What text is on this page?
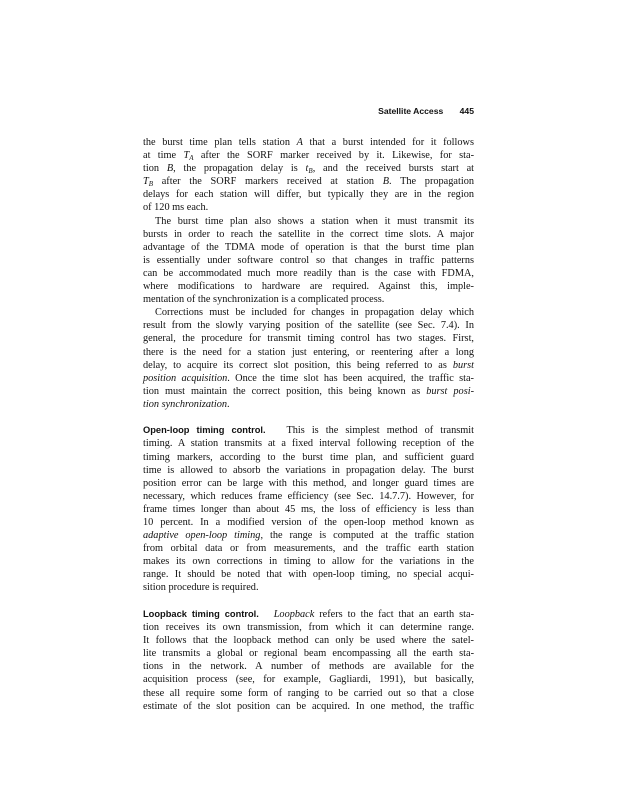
Satellite Access 445
the burst time plan tells station A that a burst intended for it follows
at time $T_A$ after the SORF marker received by it. Likewise, for sta-
tion B, the propagation delay is $t_B$, and the received bursts start at
$T_B$ after the SORF markers received at station B. The propagation
delays for each station will differ, but typically they are in the region
of 120 ms each.
The burst time plan also shows a station when it must transmit its
bursts in order to reach the satellite in the correct time slots. A major
advantage of the TDMA mode of operation is that the burst time plan
is essentially under software control so that changes in traffic patterns
can be accommodated much more readily than is the case with FDMA,
where modifications to hardware are required. Against this, imple-
mentation of the synchronization is a complicated process.
Corrections must be included for changes in propagation delay which
result from the slowly varying position of the satellite (see Sec. 7.4). In
general, the procedure for transmit timing control has two stages. First,
there is the need for a station just entering, or reentering after a long
delay, to acquire its correct slot position, this being referred to as burst
position acquisition. Once the time slot has been acquired, the traffic sta-
tion must maintain the correct position, this being known as burst posi-
tion synchronization.
Open-loop timing control.   This is the simplest method of transmit
timing. A station transmits at a fixed interval following reception of the
timing markers, according to the burst time plan, and sufficient guard
time is allowed to absorb the variations in propagation delay. The burst
position error can be large with this method, and longer guard times are
necessary, which reduces frame efficiency (see Sec. 14.7.7). However, for
frame times longer than about 45 ms, the loss of efficiency is less than
10 percent. In a modified version of the open-loop method known as
adaptive open-loop timing, the range is computed at the traffic station
from orbital data or from measurements, and the traffic earth station
makes its own corrections in timing to allow for the variations in the
range. It should be noted that with open-loop timing, no special acqui-
sition procedure is required.
Loopback timing control. Loopback refers to the fact that an earth sta-
tion receives its own transmission, from which it can determine range.
It follows that the loopback method can only be used where the satel-
lite transmits a global or regional beam encompassing all the earth sta-
tions in the network. A number of methods are available for the
acquisition process (see, for example, Gagliardi, 1991), but basically,
these all require some form of ranging to be carried out so that a close
estimate of the slot position can be acquired. In one method, the traffic
